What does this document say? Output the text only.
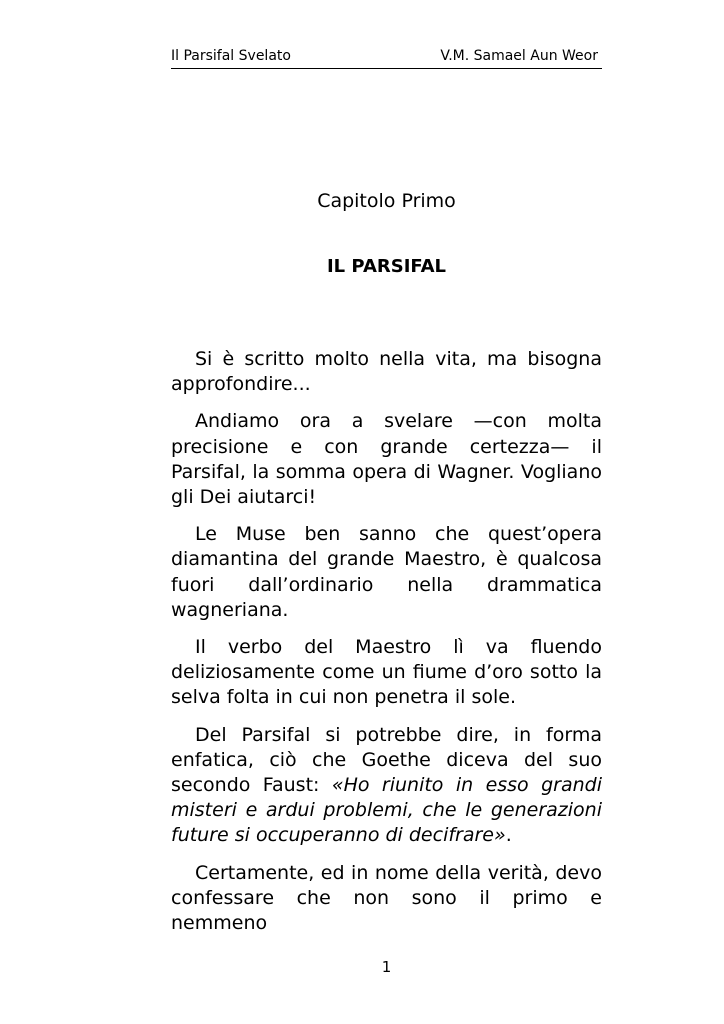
Il Parsifal Svelato	V.M. Samael Aun Weor
Capitolo Primo
IL PARSIFAL

Si è scritto molto nella vita, ma bisogna approfondire...

Andiamo ora a svelare —con molta precisione e con grande certezza— il Parsifal, la somma opera di Wagner. Vogliano gli Dei aiutarci!

Le Muse ben sanno che quest’opera diamantina del grande Maestro, è qualcosa fuori dall’ordinario nella drammatica wagneriana.

Il verbo del Maestro lì va fluendo deliziosamente come un fiume d’oro sotto la selva folta in cui non penetra il sole.

Del Parsifal si potrebbe dire, in forma enfatica, ciò che Goethe diceva del suo secondo Faust: «Ho riunito in esso grandi misteri e ardui problemi, che le generazioni future si occuperanno di decifrare».

Certamente, ed in nome della verità, devo confessare che non sono il primo e nemmeno

1
